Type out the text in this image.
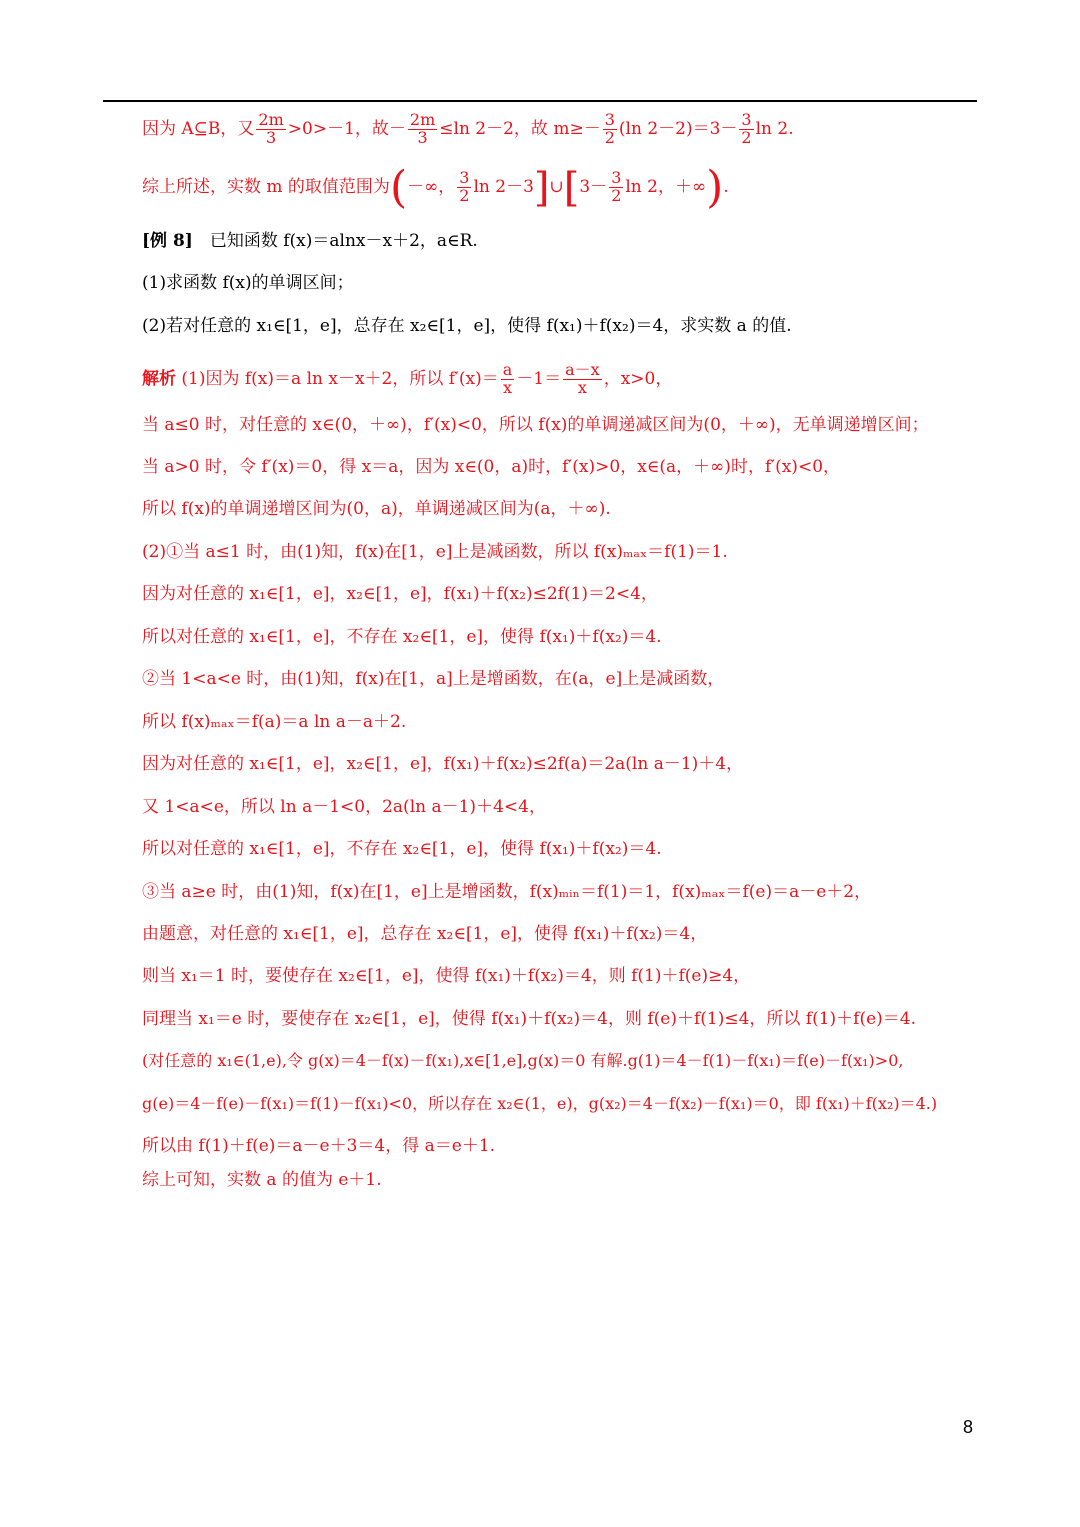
因为 A⊆B，又 $\frac{2m}{3} >0>-1$，故－ $\frac{2m}{3} \le\ln$ 2－2，故 $m\ge- \frac{3}{2} (\ln$ $2-2)=3- \frac{3}{2}$ ln 2.
综上所述，实数 m 的取值范围为(－∞， $\frac{3}{2}$ ln 2－3]∪[3－ $\frac{3}{2}$ ln 2，＋∞).
[例 8]　已知函数 f(x)＝alnx－x＋2，a∈R.
(1)求函数 f(x)的单调区间；
(2)若对任意的 x₁∈[1，e]，总存在 x₂∈[1，e]，使得 f(x₁)＋f(x₂)＝4，求实数 a 的值.
解析 (1)因为 f(x)＝a ln x－x＋2，所以 $f'(x)= \frac{a}{x} -1= \frac{a-x}{x}$ ，x>0，
当 a≤0 时，对任意的 x∈(0，＋∞)，f′(x)<0，所以 f(x)的单调递减区间为(0，＋∞)，无单调递增区间；
当 a>0 时，令 f′(x)＝0，得 x＝a，因为 x∈(0，a)时，f′(x)>0，x∈(a，＋∞)时，f′(x)<0，
所以 f(x)的单调递增区间为(0，a)，单调递减区间为(a，＋∞).
(2)①当 a≤1 时，由(1)知，f(x)在[1，e]上是减函数，所以 f(x)ₘₐₓ＝f(1)＝1.
因为对任意的 x₁∈[1，e]，x₂∈[1，e]，f(x₁)＋f(x₂)≤2f(1)＝2<4，
所以对任意的 x₁∈[1，e]，不存在 x₂∈[1，e]，使得 f(x₁)＋f(x₂)＝4.
②当 1<a<e 时，由(1)知，f(x)在[1，a]上是增函数，在(a，e]上是减函数，
所以 f(x)ₘₐₓ＝f(a)＝a ln a－a＋2.
因为对任意的 x₁∈[1，e]，x₂∈[1，e]，f(x₁)＋f(x₂)≤2f(a)＝2a(ln a－1)＋4，
又 1<a<e，所以 ln a－1<0，2a(ln a－1)＋4<4，
所以对任意的 x₁∈[1，e]，不存在 x₂∈[1，e]，使得 f(x₁)＋f(x₂)＝4.
③当 a≥e 时，由(1)知，f(x)在[1，e]上是增函数，f(x)ₘᵢₙ＝f(1)＝1，f(x)ₘₐₓ＝f(e)＝a－e＋2，
由题意，对任意的 x₁∈[1，e]，总存在 x₂∈[1，e]，使得 f(x₁)＋f(x₂)＝4，
则当 x₁＝1 时，要使存在 x₂∈[1，e]，使得 f(x₁)＋f(x₂)＝4，则 f(1)＋f(e)≥4，
同理当 x₁＝e 时，要使存在 x₂∈[1，e]，使得 f(x₁)＋f(x₂)＝4，则 f(e)＋f(1)≤4，所以 f(1)＋f(e)＝4.
(对任意的 x₁∈(1,e),令 g(x)＝4－f(x)－f(x₁),x∈[1,e],g(x)＝0 有解.g(1)＝4－f(1)－f(x₁)＝f(e)－f(x₁)>0,
g(e)＝4－f(e)－f(x₁)＝f(1)－f(x₁)<0，所以存在 x₂∈(1，e)，g(x₂)＝4－f(x₂)－f(x₁)＝0，即 f(x₁)＋f(x₂)＝4.)
所以由 f(1)＋f(e)＝a－e＋3＝4，得 a＝e＋1.
综上可知，实数 a 的值为 e＋1.
8
